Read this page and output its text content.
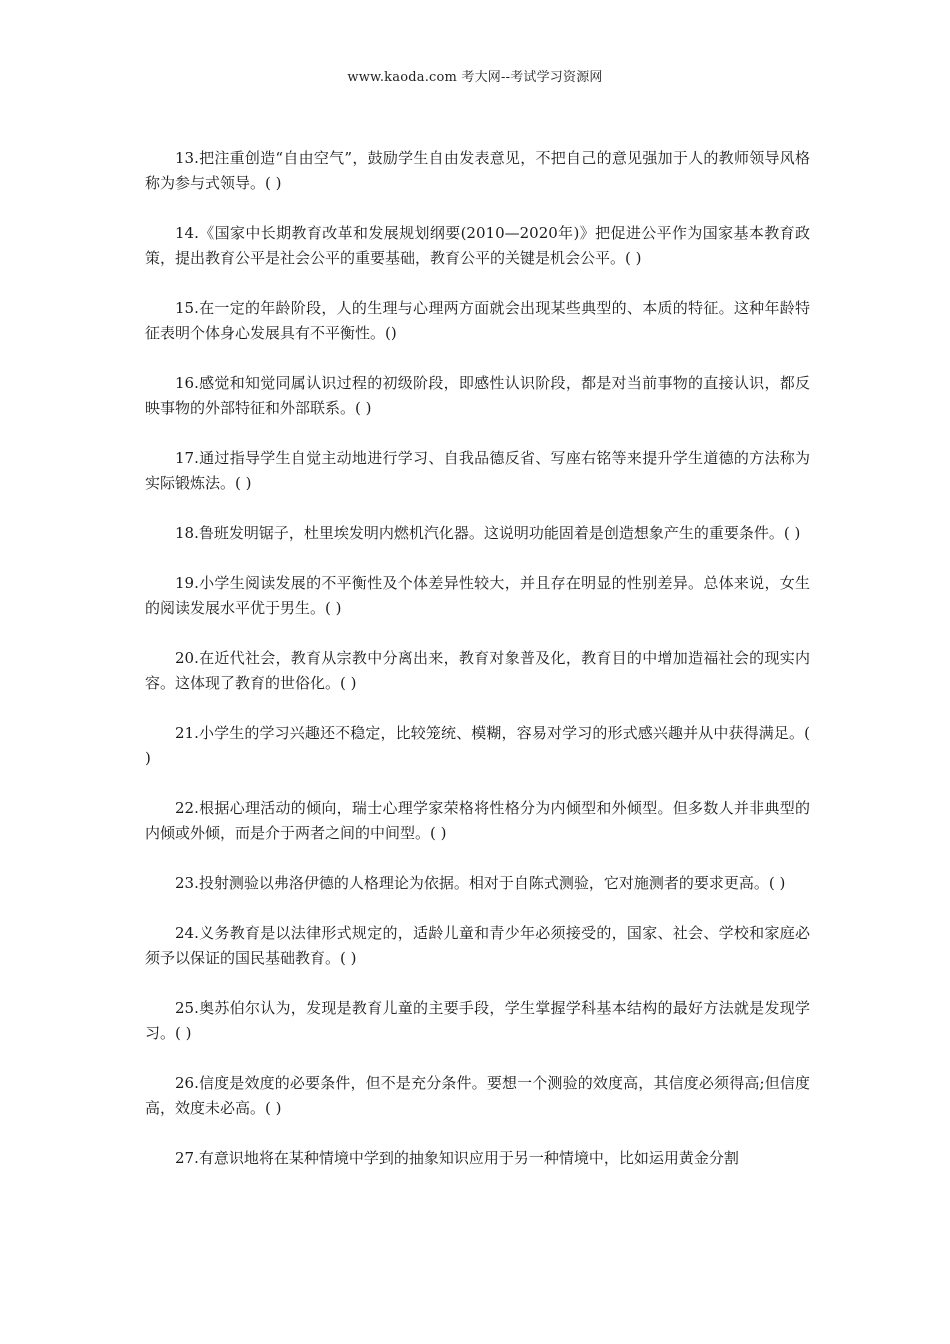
www.kaoda.com 考大网--考试学习资源网
13.把注重创造“自由空气”，鼓励学生自由发表意见，不把自己的意见强加于人的教师领导风格称为参与式领导。( )
14.《国家中长期教育改革和发展规划纲要(2010—2020年)》把促进公平作为国家基本教育政策，提出教育公平是社会公平的重要基础，教育公平的关键是机会公平。( )
15.在一定的年龄阶段，人的生理与心理两方面就会出现某些典型的、本质的特征。这种年龄特征表明个体身心发展具有不平衡性。()
16.感觉和知觉同属认识过程的初级阶段，即感性认识阶段，都是对当前事物的直接认识，都反映事物的外部特征和外部联系。( )
17.通过指导学生自觉主动地进行学习、自我品德反省、写座右铭等来提升学生道德的方法称为实际锻炼法。( )
18.鲁班发明锯子，杜里埃发明内燃机汽化器。这说明功能固着是创造想象产生的重要条件。( )
19.小学生阅读发展的不平衡性及个体差异性较大，并且存在明显的性别差异。总体来说，女生的阅读发展水平优于男生。( )
20.在近代社会，教育从宗教中分离出来，教育对象普及化，教育目的中增加造福社会的现实内容。这体现了教育的世俗化。( )
21.小学生的学习兴趣还不稳定，比较笼统、模糊，容易对学习的形式感兴趣并从中获得满足。( )
22.根据心理活动的倾向，瑞士心理学家荣格将性格分为内倾型和外倾型。但多数人并非典型的内倾或外倾，而是介于两者之间的中间型。( )
23.投射测验以弗洛伊德的人格理论为依据。相对于自陈式测验，它对施测者的要求更高。( )
24.义务教育是以法律形式规定的，适龄儿童和青少年必须接受的，国家、社会、学校和家庭必须予以保证的国民基础教育。( )
25.奥苏伯尔认为，发现是教育儿童的主要手段，学生掌握学科基本结构的最好方法就是发现学习。( )
26.信度是效度的必要条件，但不是充分条件。要想一个测验的效度高，其信度必须得高;但信度高，效度未必高。( )
27.有意识地将在某种情境中学到的抽象知识应用于另一种情境中，比如运用黄金分割
